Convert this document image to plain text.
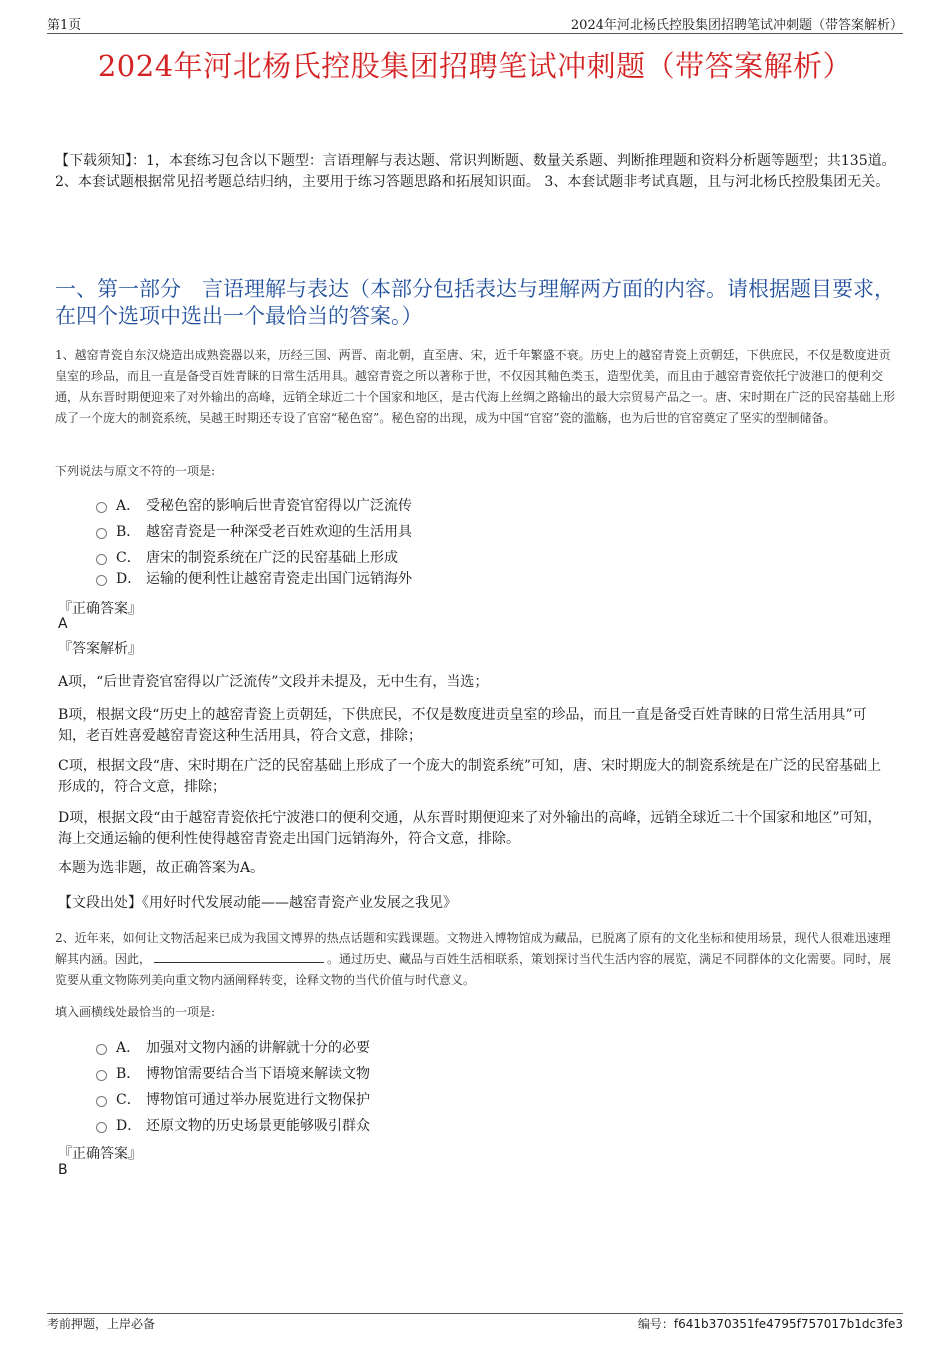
第1页	2024年河北杨氏控股集团招聘笔试冲刺题（带答案解析）
2024年河北杨氏控股集团招聘笔试冲刺题（带答案解析）
【下载须知】：1，本套练习包含以下题型：言语理解与表达题、常识判断题、数量关系题、判断推理题和资料分析题等题型；共135道。 2、本套试题根据常见招考题总结归纳，主要用于练习答题思路和拓展知识面。 3、本套试题非考试真题，且与河北杨氏控股集团无关。
一、第一部分　言语理解与表达（本部分包括表达与理解两方面的内容。请根据题目要求，在四个选项中选出一个最恰当的答案。）
1、越窑青瓷自东汉烧造出成熟瓷器以来，历经三国、两晋、南北朝，直至唐、宋，近千年繁盛不衰。历史上的越窑青瓷上贡朝廷，下供庶民，不仅是数度进贡皇室的珍品，而且一直是备受百姓青睐的日常生活用具。越窑青瓷之所以著称于世，不仅因其釉色类玉，造型优美，而且由于越窑青瓷依托宁波港口的便利交通，从东晋时期便迎来了对外输出的高峰，远销全球近二十个国家和地区，是古代海上丝绸之路输出的最大宗贸易产品之一。唐、宋时期在广泛的民窑基础上形成了一个庞大的制瓷系统，吴越王时期还专设了官窑“秘色窑”。秘色窑的出现，成为中国“官窑”瓷的滥觞，也为后世的官窑奠定了坚实的型制储备。
下列说法与原文不符的一项是:
A． 受秘色窑的影响后世青瓷官窑得以广泛流传
B． 越窑青瓷是一种深受老百姓欢迎的生活用具
C． 唐宋的制瓷系统在广泛的民窑基础上形成
D． 运输的便利性让越窑青瓷走出国门远销海外
『正确答案』
A
『答案解析』
A项，“后世青瓷官窑得以广泛流传”文段并未提及，无中生有，当选；
B项，根据文段“历史上的越窑青瓷上贡朝廷，下供庶民，不仅是数度进贡皇室的珍品，而且一直是备受百姓青睐的日常生活用具”可知，老百姓喜爱越窑青瓷这种生活用具，符合文意，排除；
C项，根据文段“唐、宋时期在广泛的民窑基础上形成了一个庞大的制瓷系统”可知，唐、宋时期庞大的制瓷系统是在广泛的民窑基础上形成的，符合文意，排除；
D项，根据文段“由于越窑青瓷依托宁波港口的便利交通，从东晋时期便迎来了对外输出的高峰，远销全球近二十个国家和地区”可知，海上交通运输的便利性使得越窑青瓷走出国门远销海外，符合文意，排除。
本题为选非题，故正确答案为A。
【文段出处】《用好时代发展动能——越窑青瓷产业发展之我见》
2、近年来，如何让文物活起来已成为我国文博界的热点话题和实践课题。文物进入博物馆成为藏品，已脱离了原有的文化坐标和使用场景，现代人很难迅速理解其内涵。因此，	。通过历史、藏品与百姓生活相联系，策划探讨当代生活内容的展览，满足不同群体的文化需要。同时，展览要从重文物陈列美向重文物内涵阐释转变，诠释文物的当代价值与时代意义。
填入画横线处最恰当的一项是:
A． 加强对文物内涵的讲解就十分的必要
B． 博物馆需要结合当下语境来解读文物
C． 博物馆可通过举办展览进行文物保护
D． 还原文物的历史场景更能够吸引群众
『正确答案』
B
考前押题，上岸必备	编号：f641b370351fe4795f757017b1dc3fe3
